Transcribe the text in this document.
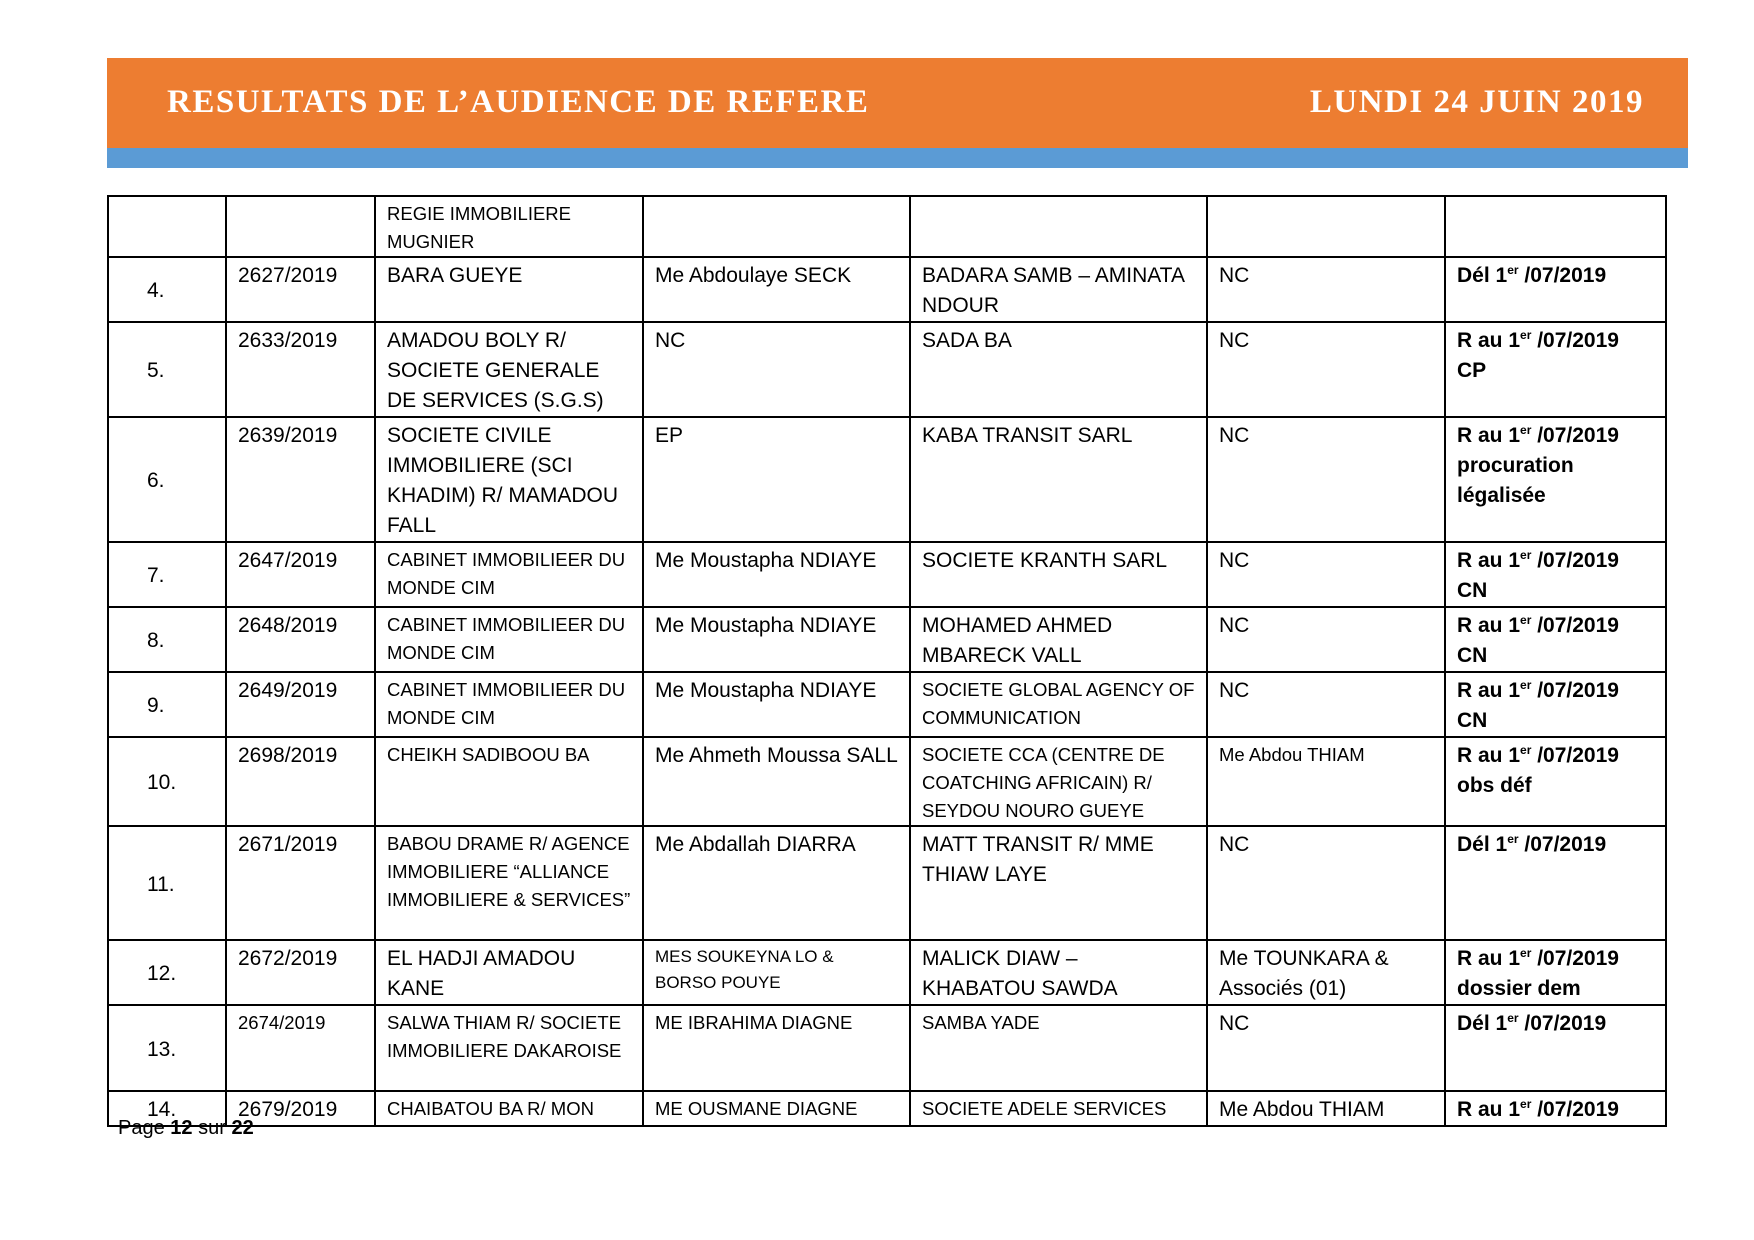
RESULTATS DE L’AUDIENCE DE REFERE	LUNDI 24 JUIN 2019
		REGIE IMMOBILIERE MUGNIER				

4.	2627/2019	BARA GUEYE	Me Abdoulaye SECK	BADARA SAMB – AMINATA NDOUR	NC	Dél 1er /07/2019

5.	2633/2019	AMADOU BOLY R/ SOCIETE GENERALE DE SERVICES (S.G.S)	NC	SADA BA	NC	R au 1er /07/2019
CP
6.	2639/2019	SOCIETE CIVILE IMMOBILIERE (SCI KHADIM) R/ MAMADOU FALL	EP	KABA TRANSIT SARL	NC	R au 1er /07/2019
procuration légalisée
7.	2647/2019	CABINET IMMOBILIEER DU MONDE CIM	Me Moustapha NDIAYE	SOCIETE KRANTH SARL	NC	R au 1er /07/2019
CN
8.	2648/2019	CABINET IMMOBILIEER DU MONDE CIM	Me Moustapha NDIAYE	MOHAMED AHMED MBARECK VALL	NC	R au 1er /07/2019
CN
9.	2649/2019	CABINET IMMOBILIEER DU MONDE CIM	Me Moustapha NDIAYE	SOCIETE GLOBAL AGENCY OF COMMUNICATION	NC	R au 1er /07/2019
CN
10.	2698/2019	CHEIKH SADIBOOU BA	Me Ahmeth Moussa SALL	SOCIETE CCA (CENTRE DE COATCHING AFRICAIN) R/ SEYDOU NOURO GUEYE	Me Abdou THIAM	R au 1er /07/2019
obs déf
11.	2671/2019	BABOU DRAME R/ AGENCE IMMOBILIERE “ALLIANCE IMMOBILIERE & SERVICES”	Me Abdallah DIARRA	MATT TRANSIT R/ MME THIAW LAYE	NC	Dél 1er /07/2019

12.	2672/2019	EL HADJI AMADOU KANE	MES SOUKEYNA LO & BORSO POUYE	MALICK DIAW – KHABATOU SAWDA	Me TOUNKARA & Associés (01)	R au 1er /07/2019
dossier dem
13.	2674/2019	SALWA THIAM R/ SOCIETE IMMOBILIERE DAKAROISE	ME IBRAHIMA DIAGNE	SAMBA YADE	NC	Dél 1er /07/2019

14.	2679/2019	CHAIBATOU BA R/ MON	ME OUSMANE DIAGNE	SOCIETE ADELE SERVICES	Me Abdou THIAM	R au 1er /07/2019
Page 12 sur 22
